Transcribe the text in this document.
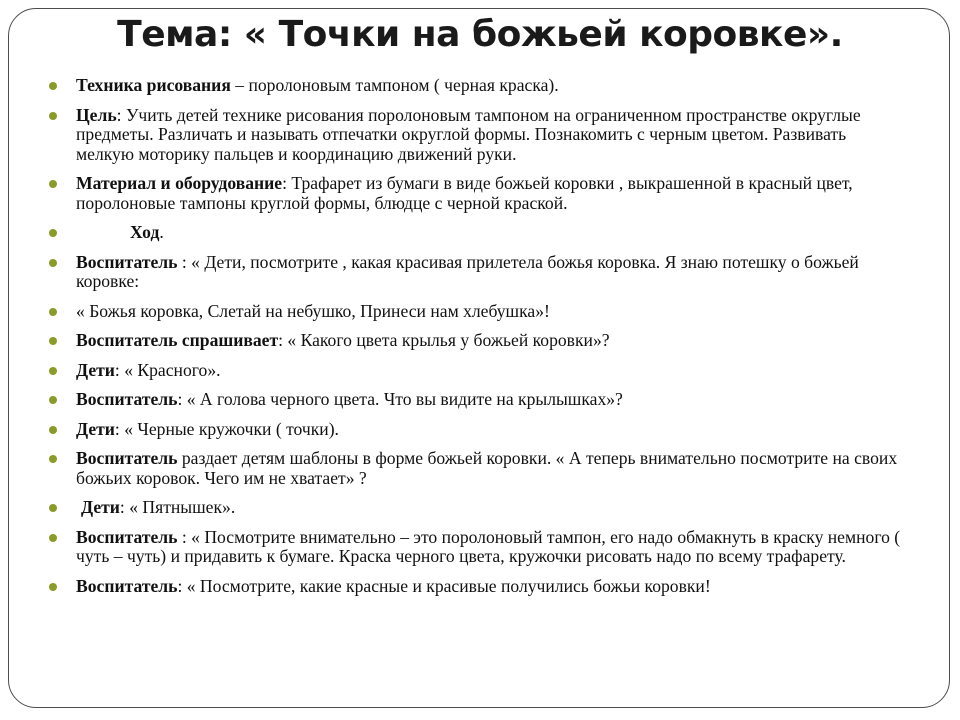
Тема: « Точки на божьей коровке».
Техника рисования – поролоновым тампоном ( черная краска).
Цель: Учить детей технике рисования поролоновым тампоном на ограниченном пространстве округлые предметы. Различать и называть отпечатки округлой формы. Познакомить с черным цветом. Развивать мелкую моторику пальцев и координацию движений руки.
Материал и оборудование: Трафарет из бумаги в виде божьей коровки , выкрашенной в красный цвет, поролоновые тампоны круглой формы, блюдце с черной краской.
Ход.
Воспитатель : « Дети, посмотрите , какая красивая прилетела божья коровка. Я знаю потешку о божьей коровке:
« Божья коровка, Слетай на небушко, Принеси нам хлебушка»!
Воспитатель спрашивает: « Какого цвета крылья у божьей коровки»?
Дети: « Красного».
Воспитатель: « А голова черного цвета. Что вы видите на крылышках»?
Дети: « Черные кружочки ( точки).
Воспитатель раздает детям шаблоны в форме божьей коровки. « А теперь внимательно посмотрите на своих божьих коровок. Чего им не хватает» ?
Дети: « Пятнышек».
Воспитатель : « Посмотрите внимательно – это поролоновый тампон, его надо обмакнуть в краску немного ( чуть – чуть) и придавить к бумаге. Краска черного цвета, кружочки рисовать надо по всему трафарету.
Воспитатель: « Посмотрите, какие красные и красивые получились божьи коровки!
